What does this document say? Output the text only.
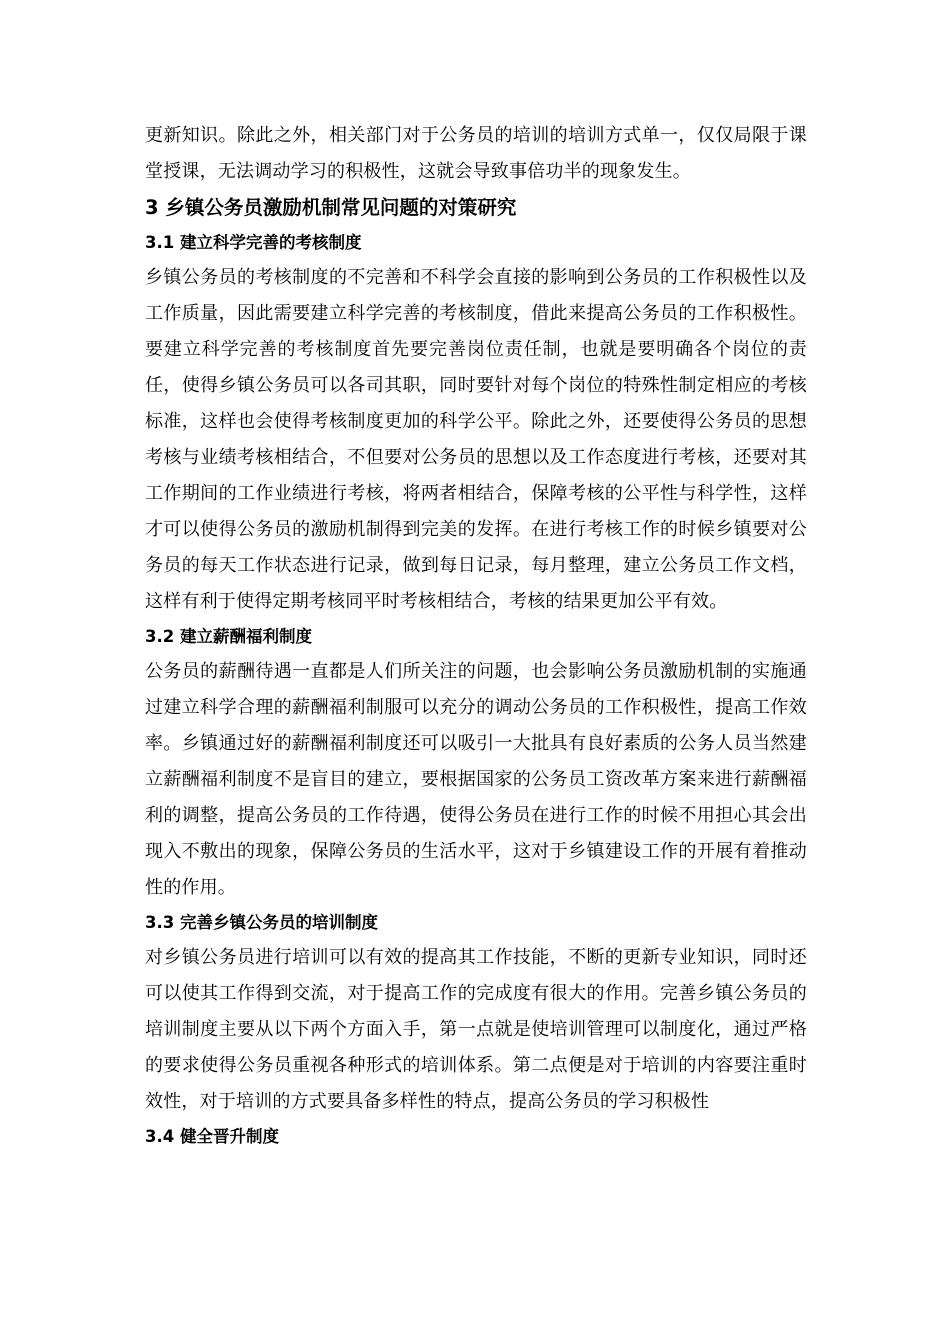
更新知识。除此之外，相关部门对于公务员的培训的培训方式单一，仅仅局限于课堂授课，无法调动学习的积极性，这就会导致事倍功半的现象发生。

3 乡镇公务员激励机制常见问题的对策研究
3.1 建立科学完善的考核制度

乡镇公务员的考核制度的不完善和不科学会直接的影响到公务员的工作积极性以及工作质量，因此需要建立科学完善的考核制度，借此来提高公务员的工作积极性。要建立科学完善的考核制度首先要完善岗位责任制，也就是要明确各个岗位的责任，使得乡镇公务员可以各司其职，同时要针对每个岗位的特殊性制定相应的考核标准，这样也会使得考核制度更加的科学公平。除此之外，还要使得公务员的思想考核与业绩考核相结合，不但要对公务员的思想以及工作态度进行考核，还要对其工作期间的工作业绩进行考核，将两者相结合，保障考核的公平性与科学性，这样才可以使得公务员的激励机制得到完美的发挥。在进行考核工作的时候乡镇要对公务员的每天工作状态进行记录，做到每日记录，每月整理，建立公务员工作文档，这样有利于使得定期考核同平时考核相结合，考核的结果更加公平有效。

3.2 建立薪酬福利制度

公务员的薪酬待遇一直都是人们所关注的问题，也会影响公务员激励机制的实施通过建立科学合理的薪酬福利制服可以充分的调动公务员的工作积极性，提高工作效率。乡镇通过好的薪酬福利制度还可以吸引一大批具有良好素质的公务人员当然建立薪酬福利制度不是盲目的建立，要根据国家的公务员工资改革方案来进行薪酬福利的调整，提高公务员的工作待遇，使得公务员在进行工作的时候不用担心其会出现入不敷出的现象，保障公务员的生活水平，这对于乡镇建设工作的开展有着推动性的作用。

3.3 完善乡镇公务员的培训制度

对乡镇公务员进行培训可以有效的提高其工作技能，不断的更新专业知识，同时还可以使其工作得到交流，对于提高工作的完成度有很大的作用。完善乡镇公务员的培训制度主要从以下两个方面入手，第一点就是使培训管理可以制度化，通过严格的要求使得公务员重视各种形式的培训体系。第二点便是对于培训的内容要注重时效性，对于培训的方式要具备多样性的特点，提高公务员的学习积极性

3.4 健全晋升制度
